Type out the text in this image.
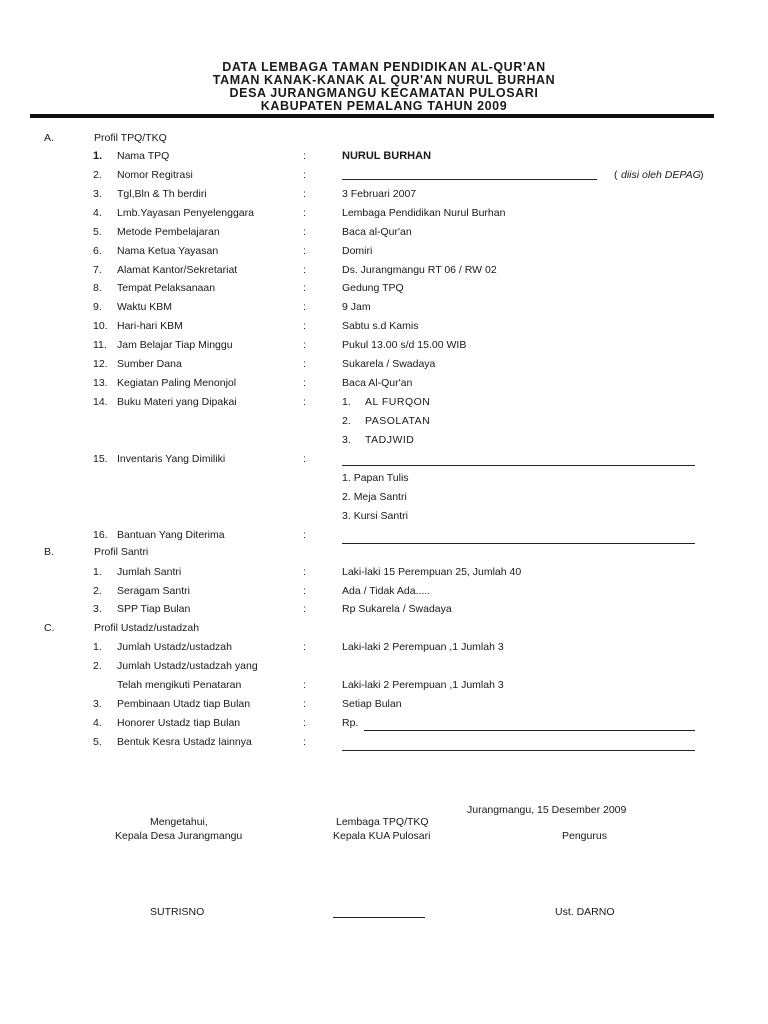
DATA LEMBAGA TAMAN PENDIDIKAN AL-QUR'AN
TAMAN KANAK-KANAK AL QUR'AN NURUL BURHAN
DESA JURANGMANGU KECAMATAN PULOSARI
KABUPATEN PEMALANG TAHUN 2009
A.	Profil TPQ/TKQ
1. Nama TPQ	:	NURUL BURHAN
2. Nomor Regitrasi	:	( diisi oleh DEPAG )
3. Tgl,Bln & Th berdiri	:	3 Februari 2007
4. Lmb.Yayasan Penyelenggara	:	Lembaga Pendidikan Nurul Burhan
5. Metode Pembelajaran	:	Baca al-Qur'an
6. Nama Ketua Yayasan	:	Domiri
7. Alamat Kantor/Sekretariat	:	Ds. Jurangmangu RT 06 / RW 02
8. Tempat Pelaksanaan	:	Gedung TPQ
9. Waktu KBM	:	9 Jam
10. Hari-hari KBM	:	Sabtu s.d Kamis
11. Jam Belajar Tiap Minggu	:	Pukul 13.00 s/d 15.00 WIB
12. Sumber Dana	:	Sukarela / Swadaya
13. Kegiatan Paling Menonjol	:	Baca Al-Qur'an
14. Buku Materi yang Dipakai	:	1. AL FURQON
2. PASOLATAN
3. TADJWID
15. Inventaris Yang Dimiliki	:
1. Papan Tulis
2. Meja Santri
3. Kursi Santri
16. Bantuan Yang Diterima	:
B.	Profil Santri
1. Jumlah Santri	:	Laki-laki 15 Perempuan 25, Jumlah 40
2. Seragam Santri	:	Ada / Tidak Ada.....
3. SPP Tiap Bulan	:	Rp Sukarela / Swadaya
C.	Profil Ustadz/ustadzah
1. Jumlah Ustadz/ustadzah	:	Laki-laki 2 Perempuan ,1 Jumlah 3
2. Jumlah Ustadz/ustadzah yang
Telah mengikuti Penataran	:	Laki-laki 2 Perempuan ,1 Jumlah 3
3. Pembinaan Utadz tiap Bulan	:	Setiap Bulan
4. Honorer Ustadz tiap Bulan	:	Rp.
5. Bentuk Kesra Ustadz lainnya	:
Jurangmangu, 15 Desember 2009
Mengetahui,
Kepala Desa Jurangmangu
Lembaga TPQ/TKQ
Kepala KUA Pulosari	Pengurus
SUTRISNO	Ust. DARNO
